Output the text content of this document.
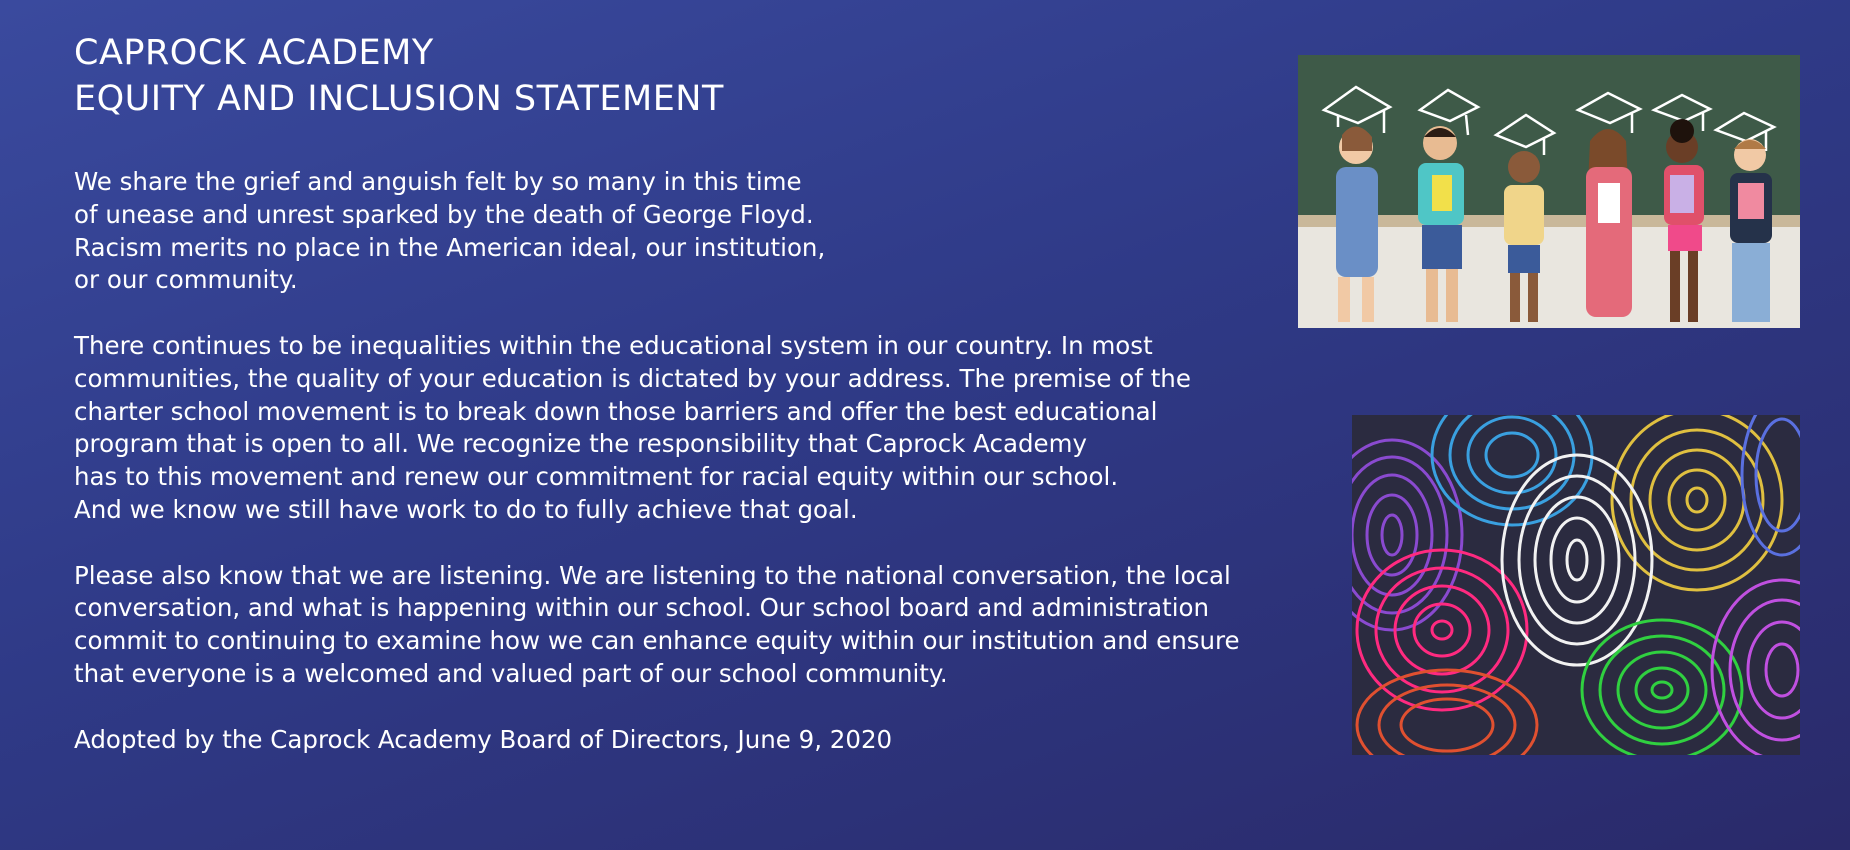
CAPROCK ACADEMY
EQUITY AND INCLUSION STATEMENT

We share the grief and anguish felt by so many in this time
of unease and unrest sparked by the death of George Floyd.
Racism merits no place in the American ideal, our institution,
or our community.

There continues to be inequalities within the educational system in our country. In most
communities, the quality of your education is dictated by your address. The premise of the
charter school movement is to break down those barriers and offer the best educational
program that is open to all. We recognize the responsibility that Caprock Academy
has to this movement and renew our commitment for racial equity within our school.
And we know we still have work to do to fully achieve that goal.

Please also know that we are listening. We are listening to the national conversation, the local
conversation, and what is happening within our school. Our school board and administration
commit to continuing to examine how we can enhance equity within our institution and ensure
that everyone is a welcomed and valued part of our school community.

Adopted by the Caprock Academy Board of Directors, June 9, 2020
